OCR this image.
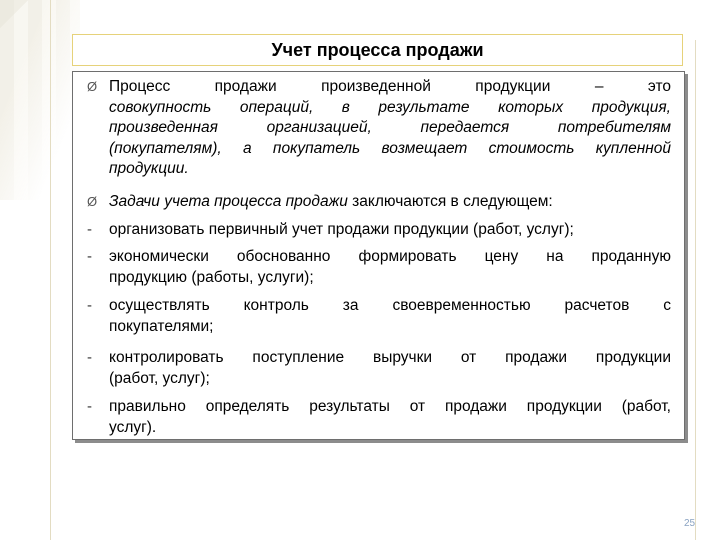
Учет процесса продажи
Ø Процесс продажи произведенной продукции – это
совокупность операций, в результате которых продукция,
произведенная организацией, передается потребителям
(покупателям), а покупатель возмещает стоимость купленной
продукции.
Ø Задачи учета процесса продажи заключаются в следующем:
- организовать первичный учет продажи продукции (работ, услуг);
- экономически обоснованно формировать цену на проданную
продукцию (работы, услуги);
- осуществлять контроль за своевременностью расчетов с
покупателями;
- контролировать поступление выручки от продажи продукции
(работ, услуг);
- правильно определять результаты от продажи продукции (работ,
услуг).
25
